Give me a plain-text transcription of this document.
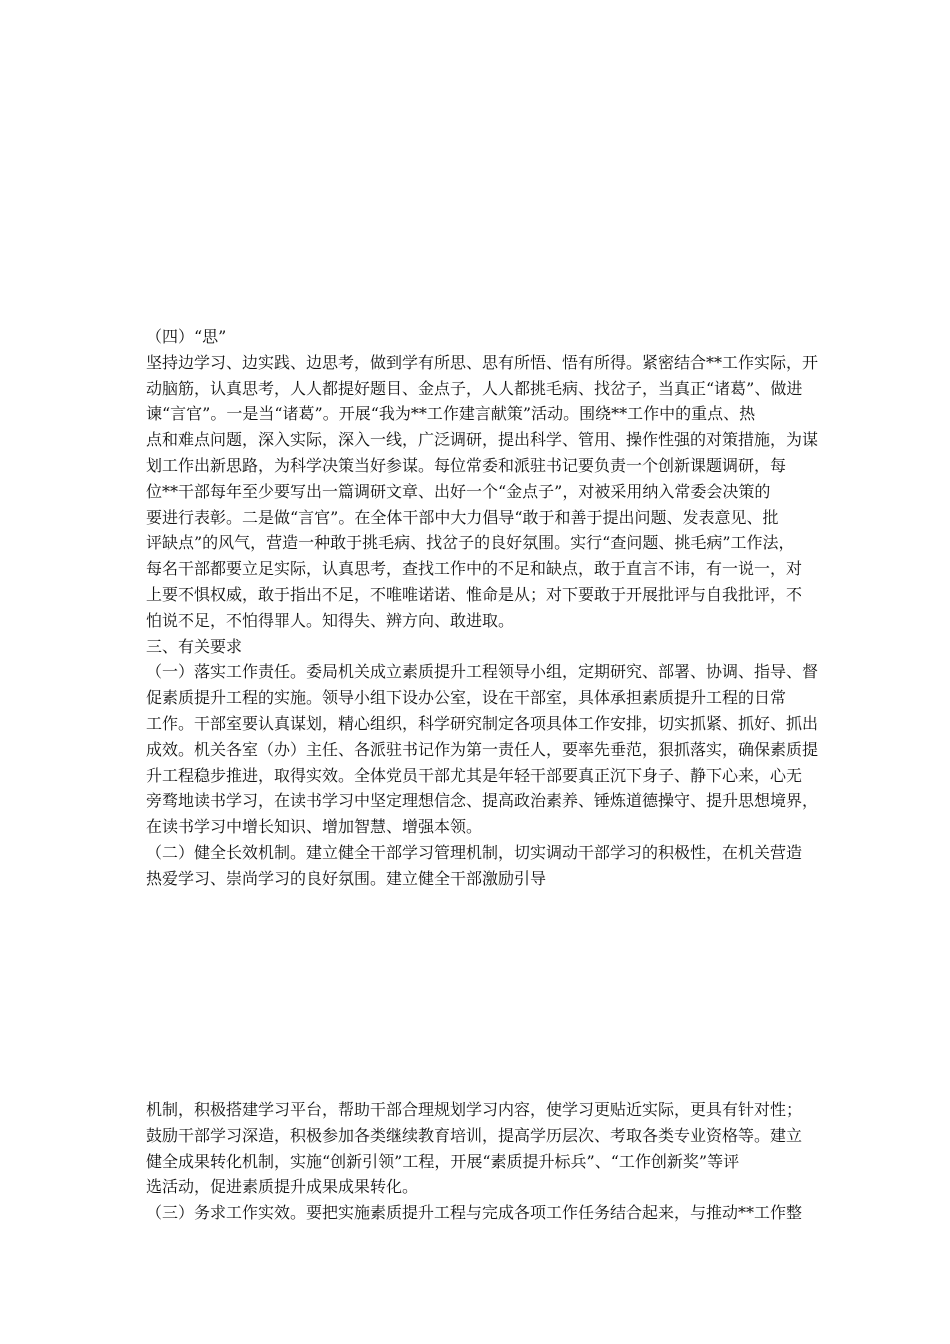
（四）“思”
坚持边学习、边实践、边思考，做到学有所思、思有所悟、悟有所得。紧密结合**工作实际，开
动脑筋，认真思考，人人都提好题目、金点子，人人都挑毛病、找岔子，当真正“诸葛”、做进
谏“言官”。一是当“诸葛”。开展“我为**工作建言献策”活动。围绕**工作中的重点、热
点和难点问题，深入实际，深入一线，广泛调研，提出科学、管用、操作性强的对策措施，为谋
划工作出新思路，为科学决策当好参谋。每位常委和派驻书记要负责一个创新课题调研，每
位**干部每年至少要写出一篇调研文章、出好一个“金点子”，对被采用纳入常委会决策的
要进行表彰。二是做“言官”。在全体干部中大力倡导“敢于和善于提出问题、发表意见、批
评缺点”的风气，营造一种敢于挑毛病、找岔子的良好氛围。实行“查问题、挑毛病”工作法，
每名干部都要立足实际，认真思考，查找工作中的不足和缺点，敢于直言不讳，有一说一，对
上要不惧权威，敢于指出不足，不唯唯诺诺、惟命是从；对下要敢于开展批评与自我批评，不
怕说不足，不怕得罪人。知得失、辨方向、敢进取。
三、有关要求
（一）落实工作责任。委局机关成立素质提升工程领导小组，定期研究、部署、协调、指导、督
促素质提升工程的实施。领导小组下设办公室，设在干部室，具体承担素质提升工程的日常
工作。干部室要认真谋划，精心组织，科学研究制定各项具体工作安排，切实抓紧、抓好、抓出
成效。机关各室（办）主任、各派驻书记作为第一责任人，要率先垂范，狠抓落实，确保素质提
升工程稳步推进，取得实效。全体党员干部尤其是年轻干部要真正沉下身子、静下心来，心无
旁骛地读书学习，在读书学习中坚定理想信念、提高政治素养、锤炼道德操守、提升思想境界，
在读书学习中增长知识、增加智慧、增强本领。
（二）健全长效机制。建立健全干部学习管理机制，切实调动干部学习的积极性，在机关营造
热爱学习、崇尚学习的良好氛围。建立健全干部激励引导
机制，积极搭建学习平台，帮助干部合理规划学习内容，使学习更贴近实际，更具有针对性；
鼓励干部学习深造，积极参加各类继续教育培训，提高学历层次、考取各类专业资格等。建立
健全成果转化机制，实施“创新引领”工程，开展“素质提升标兵”、“工作创新奖”等评
选活动，促进素质提升成果成果转化。
（三）务求工作实效。要把实施素质提升工程与完成各项工作任务结合起来，与推动**工作整
